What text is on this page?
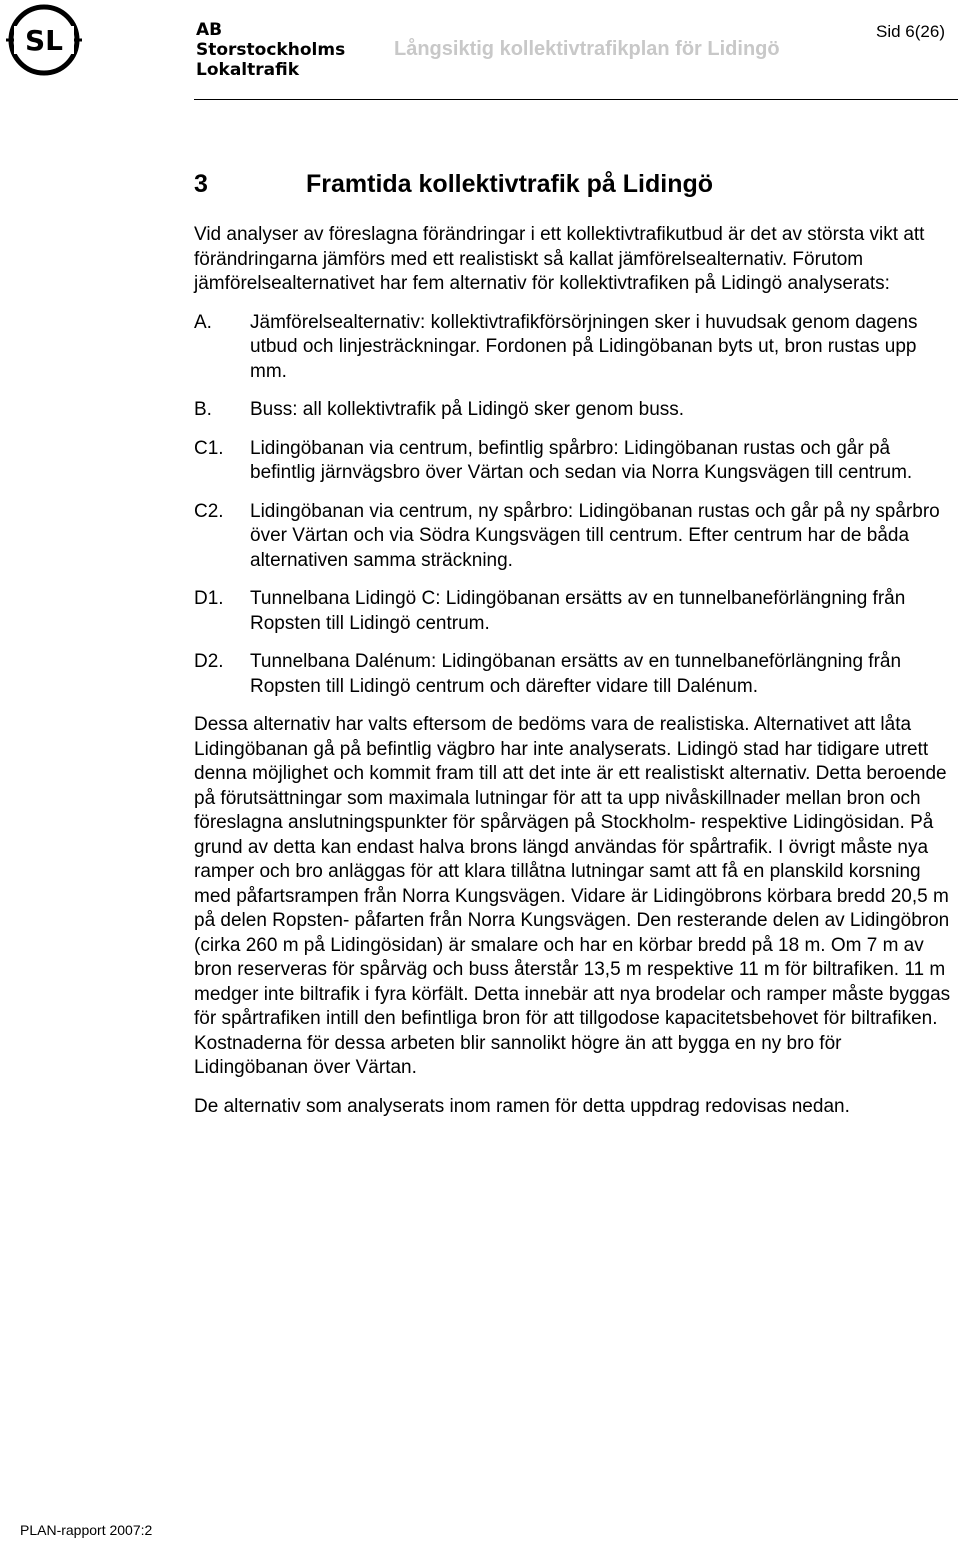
SL	AB
Storstockholms
Lokaltrafik
Långsiktig kollektivtrafikplan för Lidingö
Sid 6(26)
3	Framtida kollektivtrafik på Lidingö

Vid analyser av föreslagna förändringar i ett kollektivtrafikutbud är det av största vikt att förändringarna jämförs med ett realistiskt så kallat jämförelsealternativ. Förutom jämförelsealternativet har fem alternativ för kollektivtrafiken på Lidingö analyserats:

A.	Jämförelsealternativ: kollektivtrafikförsörjningen sker i huvudsak genom dagens utbud och linjesträckningar. Fordonen på Lidingöbanan byts ut, bron rustas upp mm.
B.	Buss: all kollektivtrafik på Lidingö sker genom buss.
C1.	Lidingöbanan via centrum, befintlig spårbro: Lidingöbanan rustas och går på befintlig järnvägsbro över Värtan och sedan via Norra Kungsvägen till centrum.
C2.	Lidingöbanan via centrum, ny spårbro: Lidingöbanan rustas och går på ny spårbro över Värtan och via Södra Kungsvägen till centrum. Efter centrum har de båda alternativen samma sträckning.
D1.	Tunnelbana Lidingö C: Lidingöbanan ersätts av en tunnelbaneförlängning från Ropsten till Lidingö centrum.
D2.	Tunnelbana Dalénum: Lidingöbanan ersätts av en tunnelbaneförlängning från Ropsten till Lidingö centrum och därefter vidare till Dalénum.

Dessa alternativ har valts eftersom de bedöms vara de realistiska. Alternativet att låta Lidingöbanan gå på befintlig vägbro har inte analyserats. Lidingö stad har tidigare utrett denna möjlighet och kommit fram till att det inte är ett realistiskt alternativ. Detta beroende på förutsättningar som maximala lutningar för att ta upp nivåskillnader mellan bron och föreslagna anslutningspunkter för spårvägen på Stockholm- respektive Lidingösidan. På grund av detta kan endast halva brons längd användas för spårtrafik. I övrigt måste nya ramper och bro anläggas för att klara tillåtna lutningar samt att få en planskild korsning med påfartsrampen från Norra Kungsvägen. Vidare är Lidingöbrons körbara bredd 20,5 m på delen Ropsten- påfarten från Norra Kungsvägen. Den resterande delen av Lidingöbron (cirka 260 m på Lidingösidan) är smalare och har en körbar bredd på 18 m. Om 7 m av bron reserveras för spårväg och buss återstår 13,5 m respektive 11 m för biltrafiken. 11 m medger inte biltrafik i fyra körfält. Detta innebär att nya brodelar och ramper måste byggas för spårtrafiken intill den befintliga bron för att tillgodose kapacitetsbehovet för biltrafiken. Kostnaderna för dessa arbeten blir sannolikt högre än att bygga en ny bro för Lidingöbanan över Värtan.

De alternativ som analyserats inom ramen för detta uppdrag redovisas nedan.

PLAN-rapport 2007:2
